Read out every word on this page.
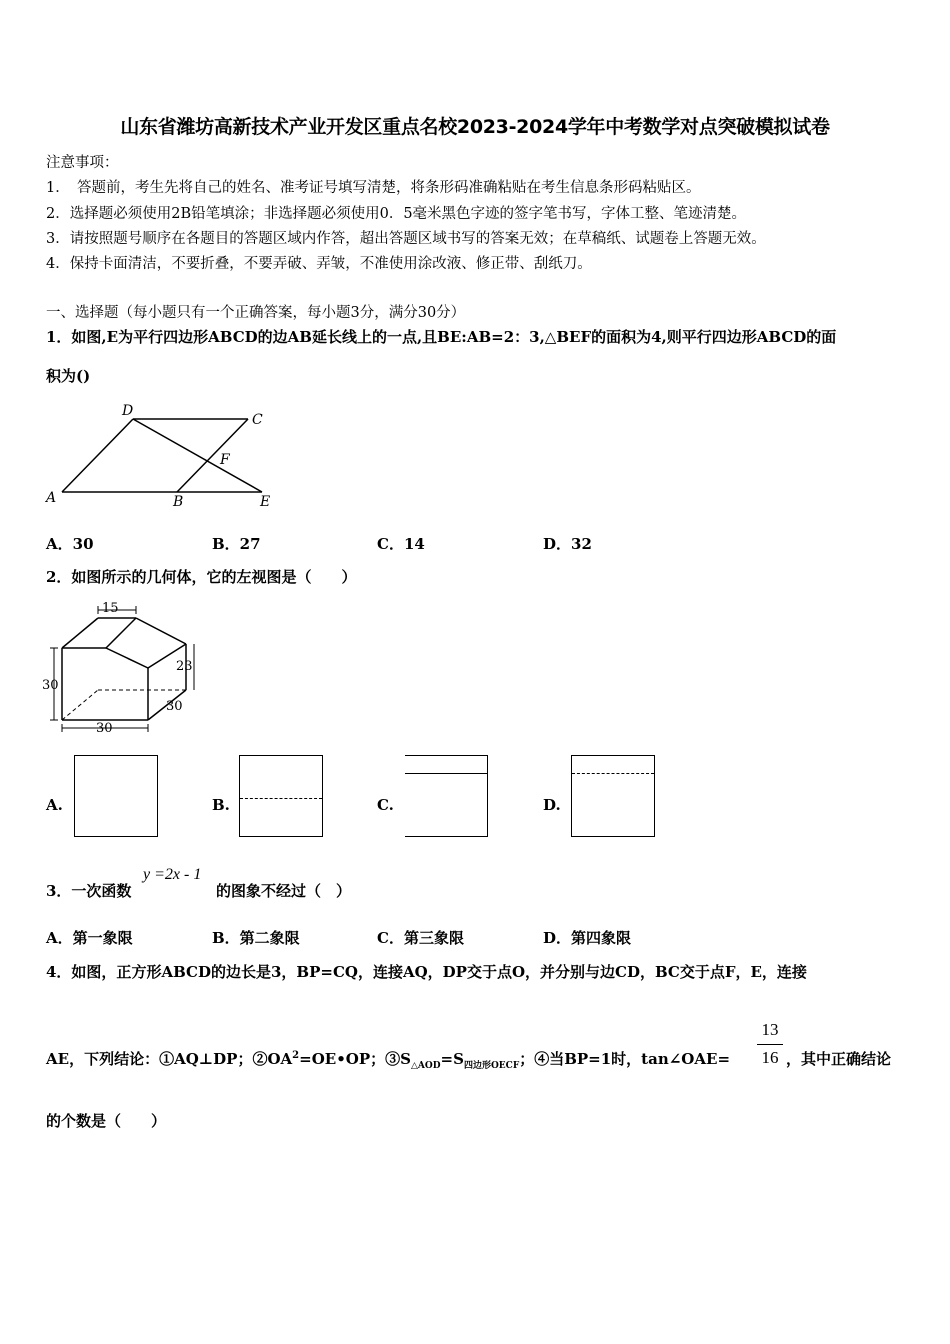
山东省潍坊高新技术产业开发区重点名校2023-2024学年中考数学对点突破模拟试卷
注意事项：
1．　答题前，考生先将自己的姓名、准考证号填写清楚，将条形码准确粘贴在考生信息条形码粘贴区。
2．选择题必须使用2B铅笔填涂；非选择题必须使用0．5毫米黑色字迹的签字笔书写，字体工整、笔迹清楚。
3．请按照题号顺序在各题目的答题区域内作答，超出答题区域书写的答案无效；在草稿纸、试题卷上答题无效。
4．保持卡面清洁，不要折叠，不要弄破、弄皱，不准使用涂改液、修正带、刮纸刀。
一、选择题（每小题只有一个正确答案，每小题3分，满分30分）
1．如图,E为平行四边形ABCD的边AB延长线上的一点,且BE:AB=2：3,△BEF的面积为4,则平行四边形ABCD的面
积为()
D
C
F
A	B	E
A．30	B．27	C．14	D．32
2．如图所示的几何体，它的左视图是（　　）
15
30
23
30
30
A.	B.	C.	D.
3．一次函数
y =2x - 1
的图象不经过（　）
A．第一象限	B．第二象限	C．第三象限	D．第四象限
4．如图，正方形ABCD的边长是3，BP=CQ，连接AQ，DP交于点O，并分别与边CD，BC交于点F，E，连接
AE，下列结论：①AQ⊥DP；$②OA^2=OE•OP$；$③S_{\triangle AOD}=S_{四边形OECF}$；④当BP=1时，tan∠OAE=
13
16 ，其中正确结论
的个数是（　　）
